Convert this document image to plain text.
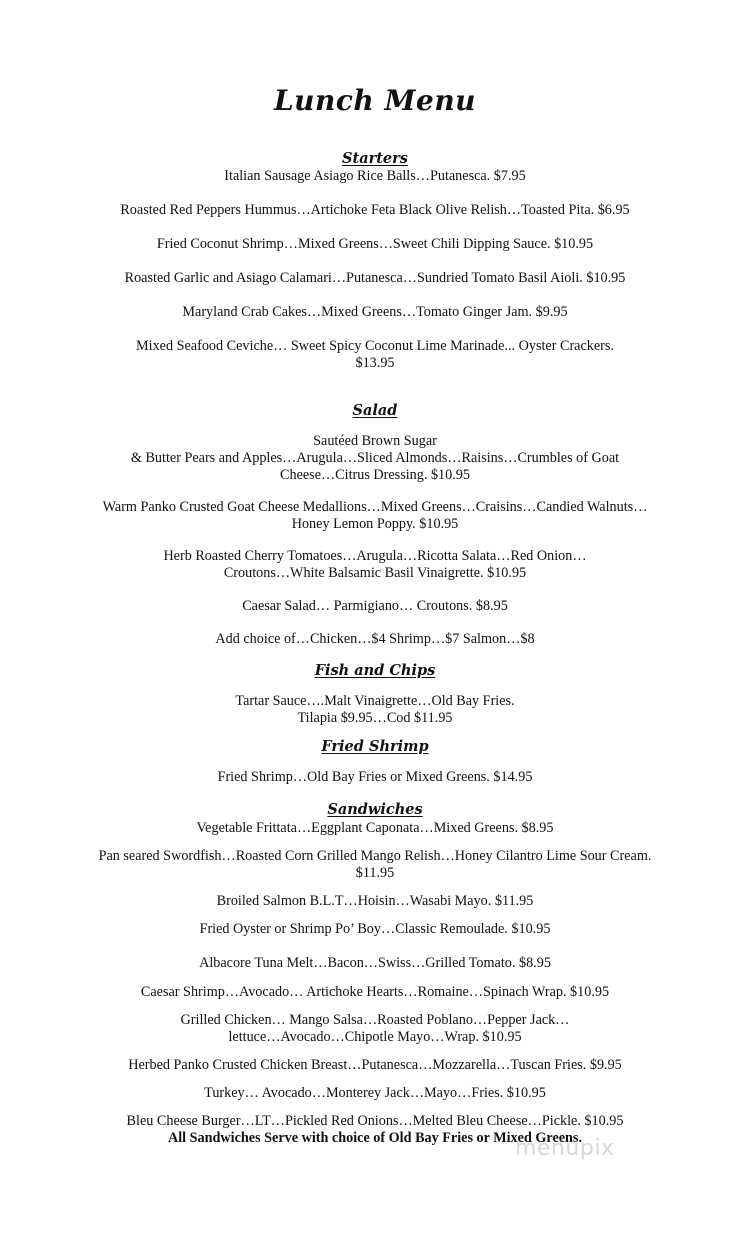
Lunch Menu
Starters
Italian Sausage Asiago Rice Balls…Putanesca. $7.95
Roasted Red Peppers Hummus…Artichoke Feta Black Olive Relish…Toasted Pita. $6.95
Fried Coconut Shrimp…Mixed Greens…Sweet Chili Dipping Sauce. $10.95
Roasted Garlic and Asiago Calamari…Putanesca…Sundried Tomato Basil Aioli. $10.95
Maryland Crab Cakes…Mixed Greens…Tomato Ginger Jam. $9.95
Mixed Seafood Ceviche… Sweet Spicy Coconut Lime Marinade... Oyster Crackers. $13.95
Salad
Sautéed Brown Sugar
& Butter Pears and Apples…Arugula…Sliced Almonds…Raisins…Crumbles of Goat Cheese…Citrus Dressing. $10.95
Warm Panko Crusted Goat Cheese Medallions…Mixed Greens…Craisins…Candied Walnuts…Honey Lemon Poppy. $10.95
Herb Roasted Cherry Tomatoes…Arugula…Ricotta Salata…Red Onion…Croutons…White Balsamic Basil Vinaigrette. $10.95
Caesar Salad… Parmigiano… Croutons. $8.95
Add choice of…Chicken…$4 Shrimp…$7 Salmon…$8
Fish and Chips
Tartar Sauce….Malt Vinaigrette…Old Bay Fries.
Tilapia $9.95…Cod $11.95
Fried Shrimp
Fried Shrimp…Old Bay Fries or Mixed Greens. $14.95
Sandwiches
Vegetable Frittata…Eggplant Caponata…Mixed Greens. $8.95
Pan seared Swordfish…Roasted Corn Grilled Mango Relish…Honey Cilantro Lime Sour Cream. $11.95
Broiled Salmon B.L.T…Hoisin…Wasabi Mayo. $11.95
Fried Oyster or Shrimp Po’ Boy…Classic Remoulade. $10.95
Albacore Tuna Melt…Bacon…Swiss…Grilled Tomato. $8.95
Caesar Shrimp…Avocado… Artichoke Hearts…Romaine…Spinach Wrap. $10.95
Grilled Chicken… Mango Salsa…Roasted Poblano…Pepper Jack…lettuce…Avocado…Chipotle Mayo…Wrap. $10.95
Herbed Panko Crusted Chicken Breast…Putanesca…Mozzarella…Tuscan Fries. $9.95
Turkey… Avocado…Monterey Jack…Mayo…Fries. $10.95
Bleu Cheese Burger…LT…Pickled Red Onions…Melted Bleu Cheese…Pickle. $10.95
All Sandwiches Serve with choice of Old Bay Fries or Mixed Greens.
menupix
